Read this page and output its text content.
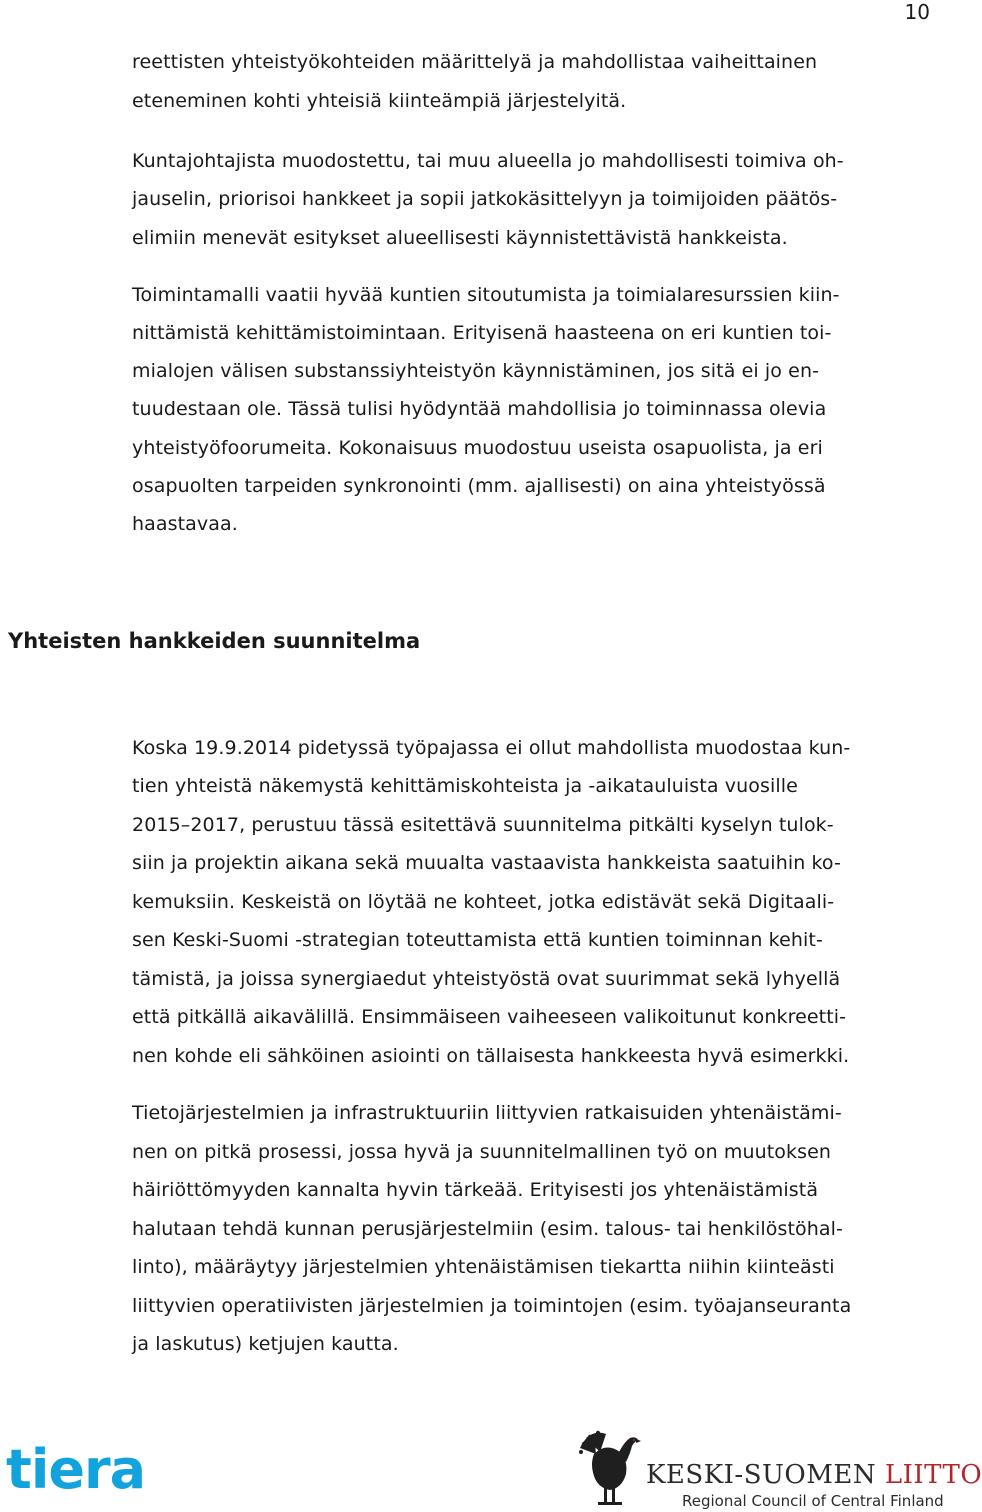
10
reettisten yhteistyökohteiden määrittelyä ja mahdollistaa vaiheittainen
eteneminen kohti yhteisiä kiinteämpiä järjestelyitä.
Kuntajohtajista muodostettu, tai muu alueella jo mahdollisesti toimiva oh-
jauselin, priorisoi hankkeet ja sopii jatkokäsittelyyn ja toimijoiden päätös-
elimiin menevät esitykset alueellisesti käynnistettävistä hankkeista.
Toimintamalli vaatii hyvää kuntien sitoutumista ja toimialaresurssien kiin-
nittämistä kehittämistoimintaan. Erityisenä haasteena on eri kuntien toi-
mialojen välisen substanssiyhteistyön käynnistäminen, jos sitä ei jo en-
tuudestaan ole. Tässä tulisi hyödyntää mahdollisia jo toiminnassa olevia
yhteistyöfoorumeita. Kokonaisuus muodostuu useista osapuolista, ja eri
osapuolten tarpeiden synkronointi (mm. ajallisesti) on aina yhteistyössä
haastavaa.
Yhteisten hankkeiden suunnitelma
Koska 19.9.2014 pidetyssä työpajassa ei ollut mahdollista muodostaa kun-
tien yhteistä näkemystä kehittämiskohteista ja -aikatauluista vuosille
2015–2017, perustuu tässä esitettävä suunnitelma pitkälti kyselyn tulok-
siin ja projektin aikana sekä muualta vastaavista hankkeista saatuihin ko-
kemuksiin. Keskeistä on löytää ne kohteet, jotka edistävät sekä Digitaali-
sen Keski-Suomi -strategian toteuttamista että kuntien toiminnan kehit-
tämistä, ja joissa synergiaedut yhteistyöstä ovat suurimmat sekä lyhyellä
että pitkällä aikavälillä. Ensimmäiseen vaiheeseen valikoitunut konkreetti-
nen kohde eli sähköinen asiointi on tällaisesta hankkeesta hyvä esimerkki.
Tietojärjestelmien ja infrastruktuuriin liittyvien ratkaisuiden yhtenäistämi-
nen on pitkä prosessi, jossa hyvä ja suunnitelmallinen työ on muutoksen
häiriöttömyyden kannalta hyvin tärkeää. Erityisesti jos yhtenäistämistä
halutaan tehdä kunnan perusjärjestelmiin (esim. talous- tai henkilöstöhal-
linto), määräytyy järjestelmien yhtenäistämisen tiekartta niihin kiinteästi
liittyvien operatiivisten järjestelmien ja toimintojen (esim. työajanseuranta
ja laskutus) ketjujen kautta.
tiera	KESKI-SUOMEN LIITTO
Regional Council of Central Finland
